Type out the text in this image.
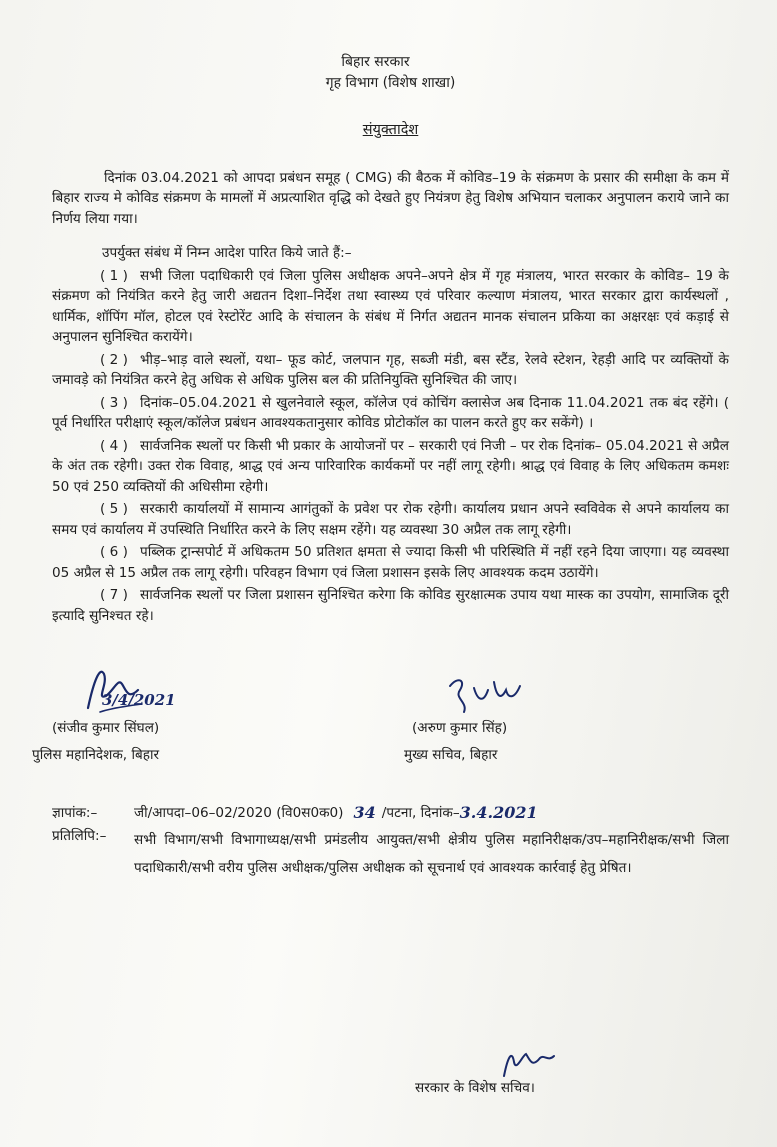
बिहार सरकार
गृह विभाग (विशेष शाखा)
संयुक्तादेश

दिनांक 03.04.2021 को आपदा प्रबंधन समूह ( CMG) की बैठक में कोविड–19 के संक्रमण के प्रसार की समीक्षा के कम में बिहार राज्य मे कोविड संक्रमण के मामलों में अप्रत्याशित वृद्धि को देखते हुए नियंत्रण हेतु विशेष अभियान चलाकर अनुपालन कराये जाने का निर्णय लिया गया।

उपर्युक्त संबंध में निम्न आदेश पारित किये जाते हैं:–

( 1 ) सभी जिला पदाधिकारी एवं जिला पुलिस अधीक्षक अपने–अपने क्षेत्र में गृह मंत्रालय, भारत सरकार के कोविड– 19 के संक्रमण को नियंत्रित करने हेतु जारी अद्यतन दिशा–निर्देश तथा स्वास्थ्य एवं परिवार कल्याण मंत्रालय, भारत सरकार द्वारा कार्यस्थलों , धार्मिक, शॉपिंग मॉल, होटल एवं रेस्टोरेंट आदि के संचालन के संबंध में निर्गत अद्यतन मानक संचालन प्रकिया का अक्षरक्षः एवं कड़ाई से अनुपालन सुनिश्चित करायेंगे।

( 2 ) भीड़–भाड़ वाले स्थलों, यथा– फूड कोर्ट, जलपान गृह, सब्जी मंडी, बस स्टैंड, रेलवे स्टेशन, रेहड़ी आदि पर व्यक्तियों के जमावड़े को नियंत्रित करने हेतु अधिक से अधिक पुलिस बल की प्रतिनियुक्ति सुनिश्चित की जाए।

( 3 ) दिनांक–05.04.2021 से खुलनेवाले स्कूल, कॉलेज एवं कोचिंग क्लासेज अब दिनाक 11.04.2021 तक बंद रहेंगे। ( पूर्व निर्धारित परीक्षाएं स्कूल/कॉलेज प्रबंधन आवश्यकतानुसार कोविड प्रोटोकॉल का पालन करते हुए कर सकेंगे) ।

( 4 ) सार्वजनिक स्थलों पर किसी भी प्रकार के आयोजनों पर – सरकारी एवं निजी – पर रोक दिनांक– 05.04.2021 से अप्रैल के अंत तक रहेगी। उक्त रोक विवाह, श्राद्ध एवं अन्य पारिवारिक कार्यकमों पर नहीं लागू रहेगी। श्राद्ध एवं विवाह के लिए अधिकतम कमशः 50 एवं 250 व्यक्तियों की अधिसीमा रहेगी।

( 5 ) सरकारी कार्यालयों में सामान्य आगंतुकों के प्रवेश पर रोक रहेगी। कार्यालय प्रधान अपने स्वविवेक से अपने कार्यालय का समय एवं कार्यालय में उपस्थिति निर्धारित करने के लिए सक्षम रहेंगे। यह व्यवस्था 30 अप्रैल तक लागू रहेगी।

( 6 ) पब्लिक ट्रान्सपोर्ट में अधिकतम 50 प्रतिशत क्षमता से ज्यादा किसी भी परिस्थिति में नहीं रहने दिया जाएगा। यह व्यवस्था 05 अप्रैल से 15 अप्रैल तक लागू रहेगी। परिवहन विभाग एवं जिला प्रशासन इसके लिए आवश्यक कदम उठायेंगे।

( 7 ) सार्वजनिक स्थलों पर जिला प्रशासन सुनिश्चित करेगा कि कोविड सुरक्षात्मक उपाय यथा मास्क का उपयोग, सामाजिक दूरी इत्यादि सुनिश्चत रहे।

3/4/2021
(संजीव कुमार सिंघल)
पुलिस महानिदेशक, बिहार
(अरुण कुमार सिंह)
मुख्य सचिव, बिहार
ज्ञापांक:–	जी/आपदा–06–02/2020 (वि0स0क0) 34 /पटना, दिनांक– 3.4.2021
प्रतिलिपि:–	सभी विभाग/सभी विभागाध्यक्ष/सभी प्रमंडलीय आयुक्त/सभी क्षेत्रीय पुलिस महानिरीक्षक/उप–महानिरीक्षक/सभी जिला पदाधिकारी/सभी वरीय पुलिस अधीक्षक/पुलिस अधीक्षक को सूचनार्थ एवं आवश्यक कार्रवाई हेतु प्रेषित।
सरकार के विशेष सचिव।
